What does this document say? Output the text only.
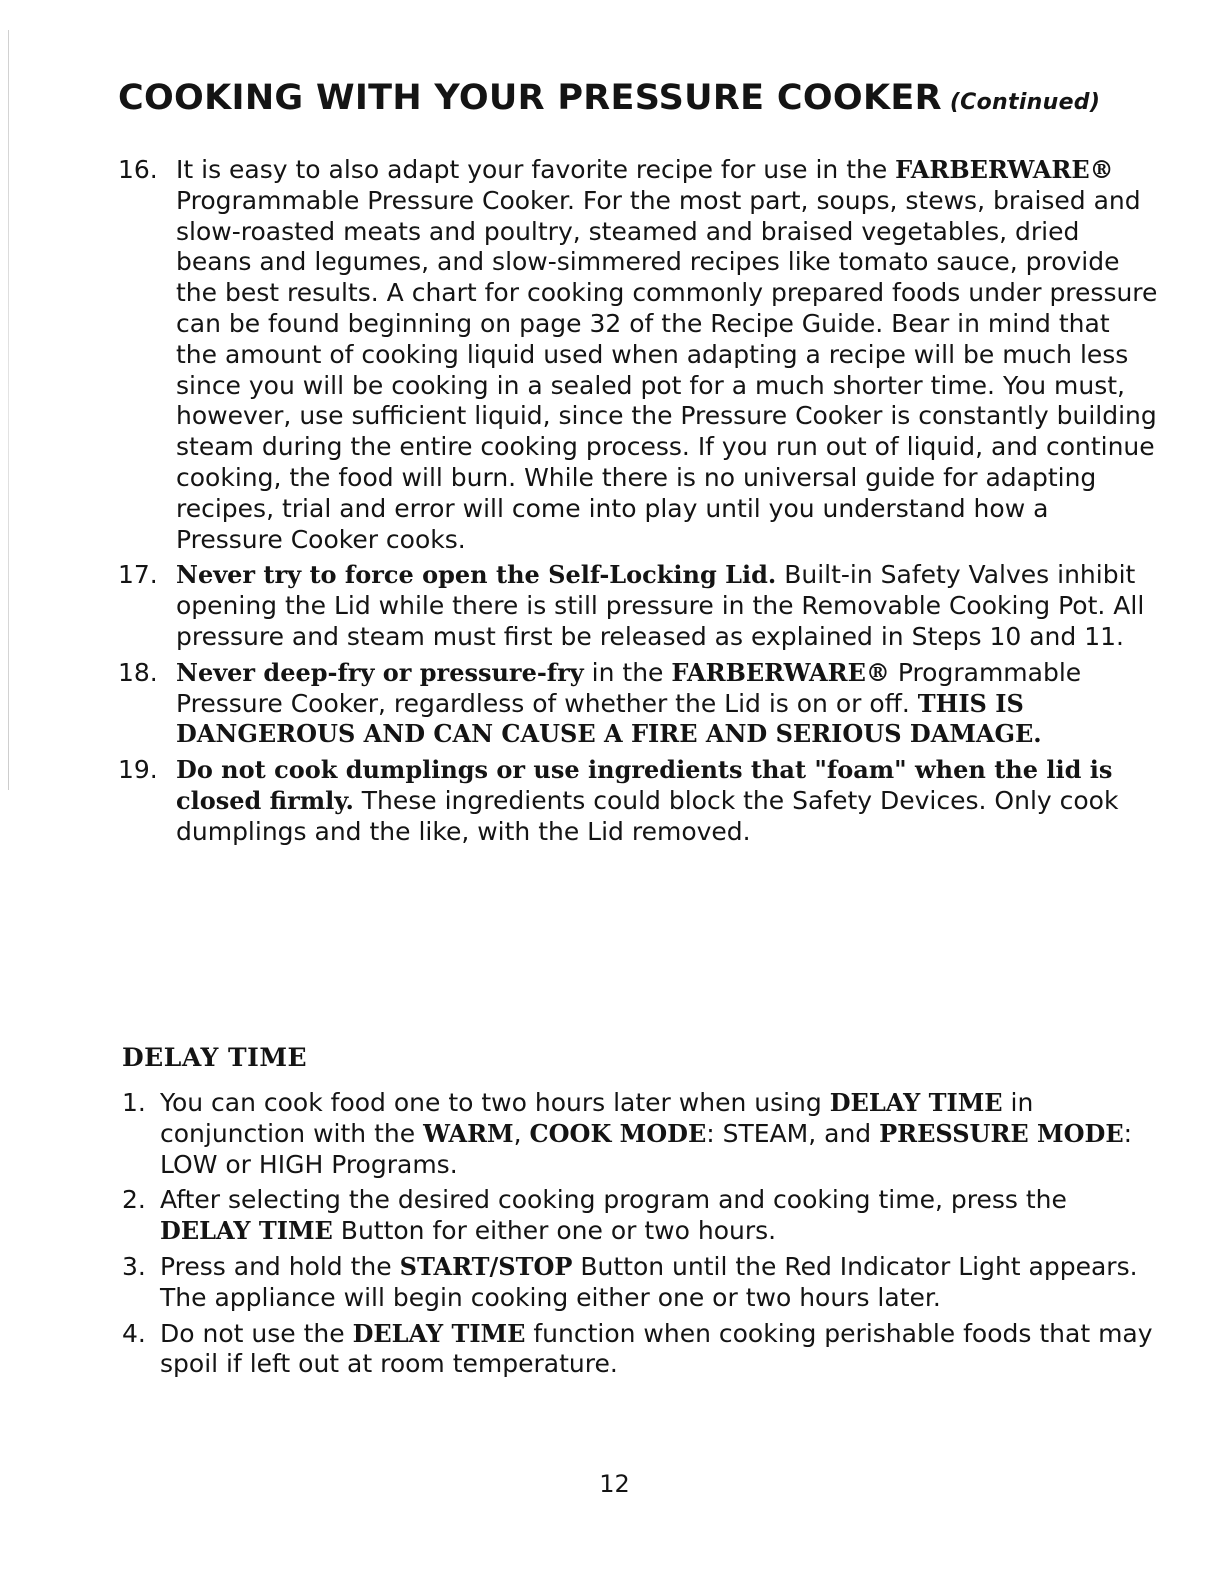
COOKING WITH YOUR PRESSURE COOKER (Continued)
16. It is easy to also adapt your favorite recipe for use in the FARBERWARE® Programmable Pressure Cooker. For the most part, soups, stews, braised and slow-roasted meats and poultry, steamed and braised vegetables, dried beans and legumes, and slow-simmered recipes like tomato sauce, provide the best results. A chart for cooking commonly prepared foods under pressure can be found beginning on page 32 of the Recipe Guide. Bear in mind that the amount of cooking liquid used when adapting a recipe will be much less since you will be cooking in a sealed pot for a much shorter time. You must, however, use sufficient liquid, since the Pressure Cooker is constantly building steam during the entire cooking process. If you run out of liquid, and continue cooking, the food will burn. While there is no universal guide for adapting recipes, trial and error will come into play until you understand how a Pressure Cooker cooks.
17. Never try to force open the Self-Locking Lid. Built-in Safety Valves inhibit opening the Lid while there is still pressure in the Removable Cooking Pot. All pressure and steam must first be released as explained in Steps 10 and 11.
18. Never deep-fry or pressure-fry in the FARBERWARE® Programmable Pressure Cooker, regardless of whether the Lid is on or off. THIS IS DANGEROUS AND CAN CAUSE A FIRE AND SERIOUS DAMAGE.
19. Do not cook dumplings or use ingredients that "foam" when the lid is closed firmly. These ingredients could block the Safety Devices. Only cook dumplings and the like, with the Lid removed.
DELAY TIME
1. You can cook food one to two hours later when using DELAY TIME in conjunction with the WARM, COOK MODE: STEAM, and PRESSURE MODE: LOW or HIGH Programs.
2. After selecting the desired cooking program and cooking time, press the DELAY TIME Button for either one or two hours.
3. Press and hold the START/STOP Button until the Red Indicator Light appears. The appliance will begin cooking either one or two hours later.
4. Do not use the DELAY TIME function when cooking perishable foods that may spoil if left out at room temperature.
12
